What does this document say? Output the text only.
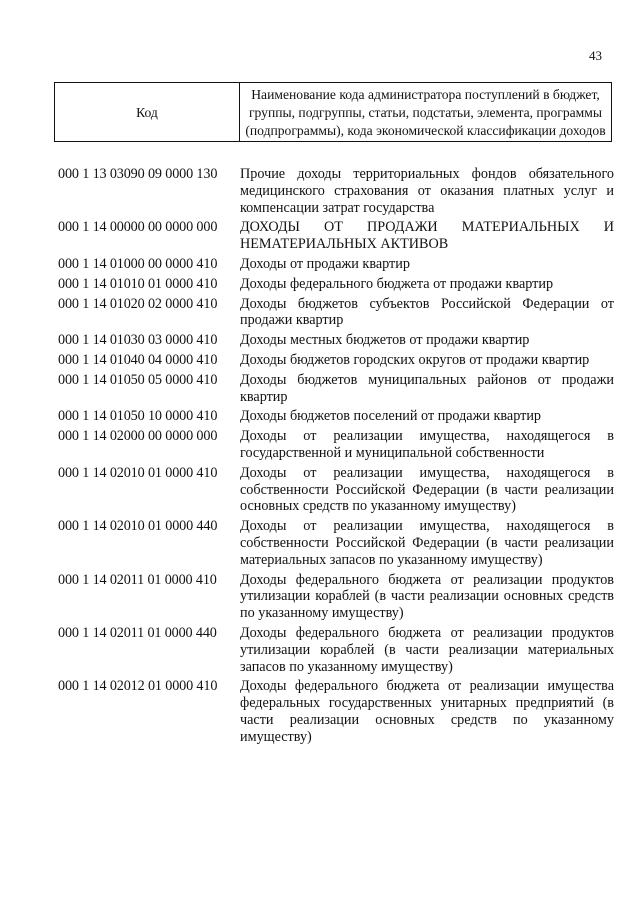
43
Код	Наименование кода администратора поступлений в бюджет, группы, подгруппы, статьи, подстатьи, элемента, программы (подпрограммы), кода экономической классификации доходов
000 1 13 03090 09 0000 130	Прочие доходы территориальных фондов обязательного медицинского страхования от оказания платных услуг и компенсации затрат государства
000 1 14 00000 00 0000 000	ДОХОДЫ ОТ ПРОДАЖИ МАТЕРИАЛЬНЫХ И НЕМАТЕРИАЛЬНЫХ АКТИВОВ
000 1 14 01000 00 0000 410	Доходы от продажи квартир
000 1 14 01010 01 0000 410	Доходы федерального бюджета от продажи квартир
000 1 14 01020 02 0000 410	Доходы бюджетов субъектов Российской Федерации от продажи квартир
000 1 14 01030 03 0000 410	Доходы местных бюджетов от продажи квартир
000 1 14 01040 04 0000 410	Доходы бюджетов городских округов от продажи квартир
000 1 14 01050 05 0000 410	Доходы бюджетов муниципальных районов от продажи квартир
000 1 14 01050 10 0000 410	Доходы бюджетов поселений от продажи квартир
000 1 14 02000 00 0000 000	Доходы от реализации имущества, находящегося в государственной и муниципальной собственности
000 1 14 02010 01 0000 410	Доходы от реализации имущества, находящегося в собственности Российской Федерации (в части реализации основных средств по указанному имуществу)
000 1 14 02010 01 0000 440	Доходы от реализации имущества, находящегося в собственности Российской Федерации (в части реализации материальных запасов по указанному имуществу)
000 1 14 02011 01 0000 410	Доходы федерального бюджета от реализации продуктов утилизации кораблей (в части реализации основных средств по указанному имуществу)
000 1 14 02011 01 0000 440	Доходы федерального бюджета от реализации продуктов утилизации кораблей (в части реализации материальных запасов по указанному имуществу)
000 1 14 02012 01 0000 410	Доходы федерального бюджета от реализации имущества федеральных государственных унитарных предприятий (в части реализации основных средств по указанному имуществу)
